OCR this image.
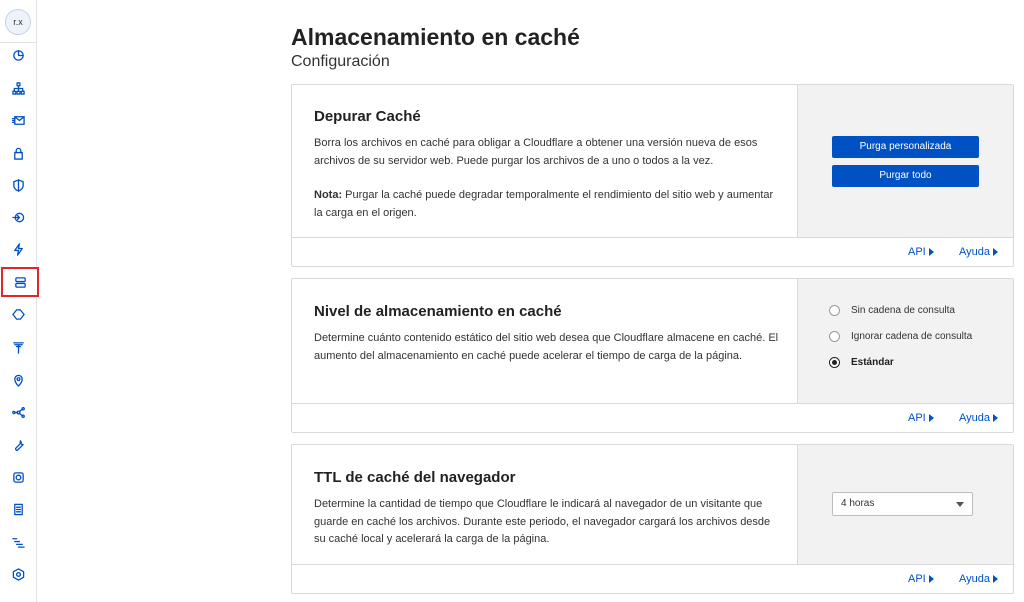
r.x
Almacenamiento en caché
Configuración
Purga personalizada
Purgar todo
Depurar Caché
Borra los archivos en caché para obligar a Cloudflare a obtener una versión nueva de esos archivos de su servidor web. Puede purgar los archivos de a uno o todos a la vez.
Nota: Purgar la caché puede degradar temporalmente el rendimiento del sitio web y aumentar la carga en el origen.
API	Ayuda
Sin cadena de consulta
Ignorar cadena de consulta
Estándar
Nivel de almacenamiento en caché
Determine cuánto contenido estático del sitio web desea que Cloudflare almacene en caché. El aumento del almacenamiento en caché puede acelerar el tiempo de carga de la página.
API	Ayuda
4 horas
TTL de caché del navegador
Determine la cantidad de tiempo que Cloudflare le indicará al navegador de un visitante que guarde en caché los archivos. Durante este periodo, el navegador cargará los archivos desde su caché local y acelerará la carga de la página.
API	Ayuda
